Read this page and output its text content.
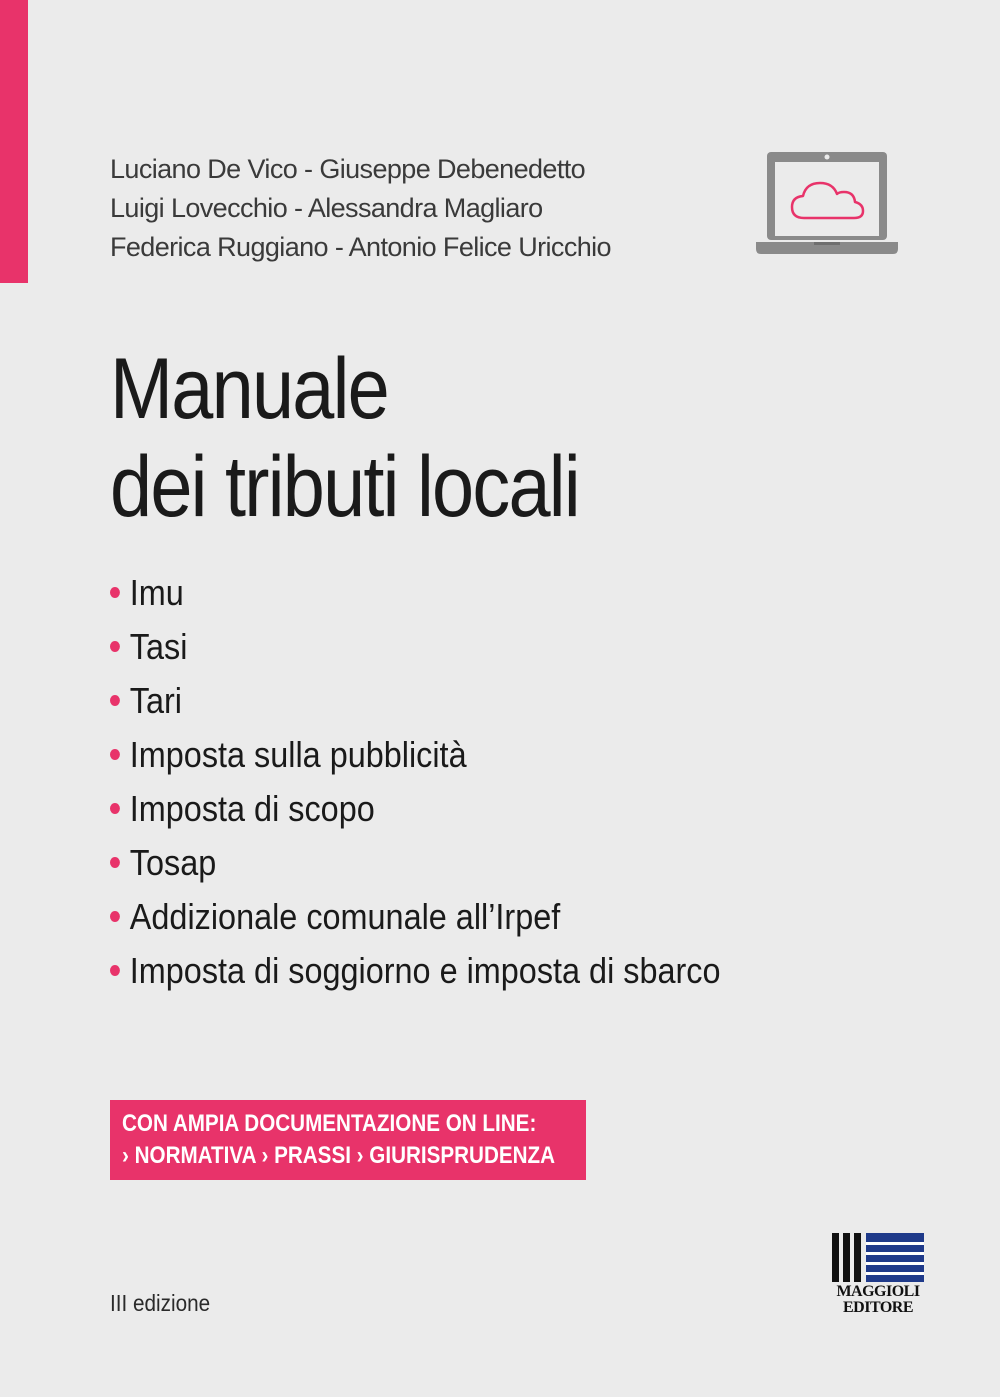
Luciano De Vico - Giuseppe Debenedetto
Luigi Lovecchio - Alessandra Magliaro
Federica Ruggiano - Antonio Felice Uricchio
Manuale
dei tributi locali
Imu
Tasi
Tari
Imposta sulla pubblicità
Imposta di scopo
Tosap
Addizionale comunale all’Irpef
Imposta di soggiorno e imposta di sbarco
CON AMPIA DOCUMENTAZIONE ON LINE:
› NORMATIVA › PRASSI › GIURISPRUDENZA
III edizione	MAGGIOLI
EDITORE
